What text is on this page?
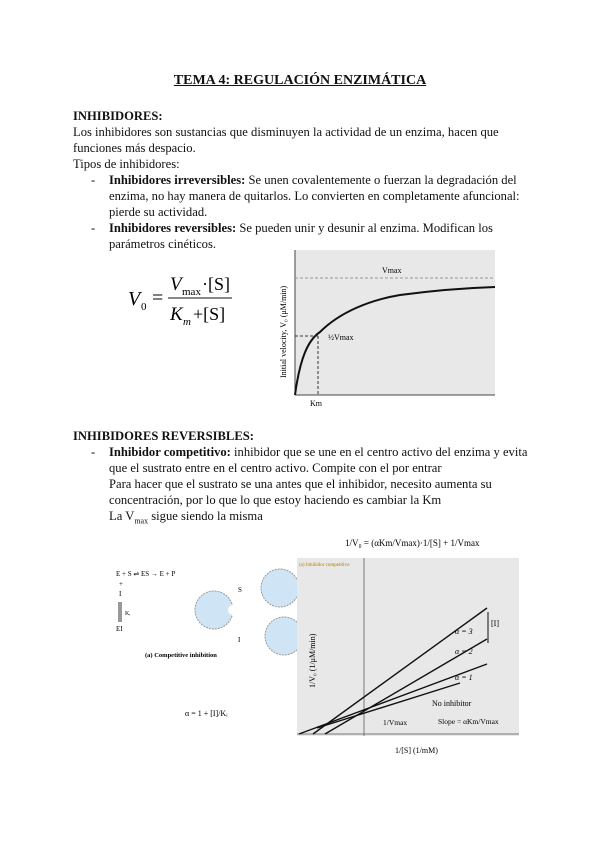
TEMA 4: REGULACIÓN ENZIMÁTICA
INHIBIDORES:
Los inhibidores son sustancias que disminuyen la actividad de un enzima, hacen que
funciones más despacio.
Tipos de inhibidores:
- Inhibidores irreversibles: Se unen covalentemente o fuerzan la degradación del
enzima, no hay manera de quitarlos. Lo convierten en completamente afuncional:
pierde su actividad.
- Inhibidores reversibles: Se pueden unir y desunir al enzima. Modifican los
parámetros cinéticos.
V 0 =
V max ·[S]
K m +[S]
Vmax
½Vmax
Km
Initial velocity, V₀ (μM/min)
INHIBIDORES REVERSIBLES:
- Inhibidor competitivo: inhibidor que se une en el centro activo del enzima y evita
que el sustrato entre en el centro activo. Compite con el por entrar
Para hacer que el sustrato se una antes que el inhibidor, necesito aumenta su
concentración, por lo que lo que estoy haciendo es cambiar la Km
La $V_{max}$ sigue siendo la misma
E + S ⇌ ES → E + P
+
I
Kᵢ
EI
S
I
(a) Competitive inhibition
α = 1 + [I]/Kᵢ
1/V₀ = (αKm/Vmax)·1/[S] + 1/Vmax
(a) Inhibidor competitivo
α = 3
α = 2
α = 1
[I]
No inhibitor
1/Vmax	Slope = αKm/Vmax
1/V₀ (1/μM/min)
1/[S] (1/mM)
